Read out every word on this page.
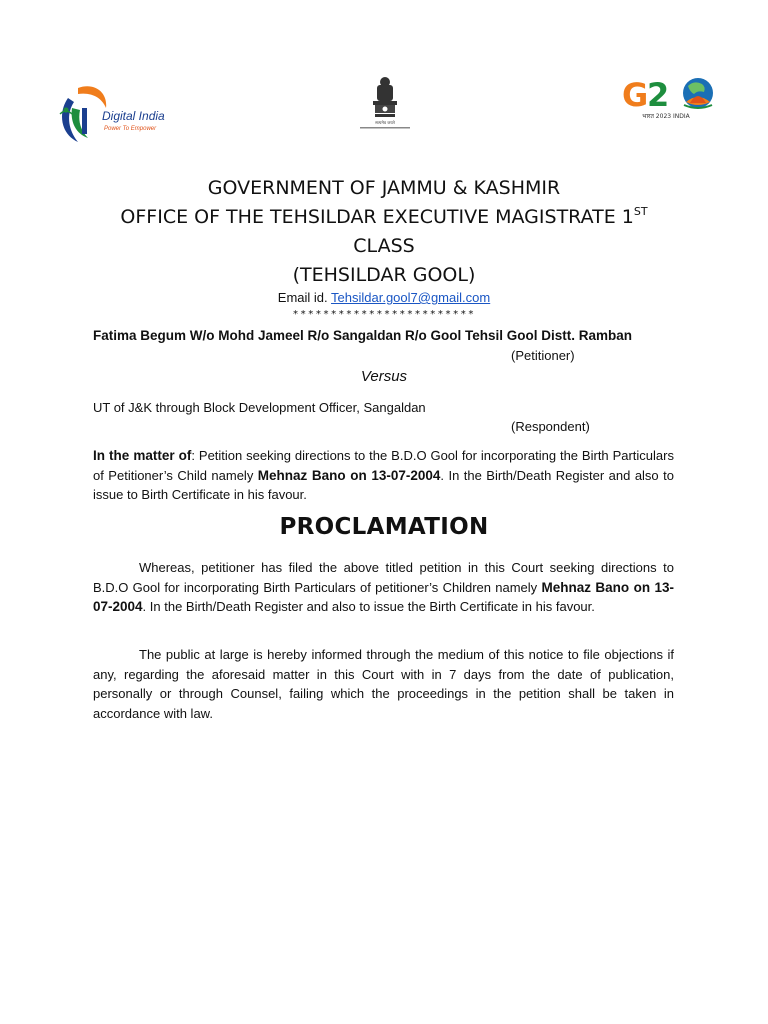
Digital India
Power To Empower
सत्यमेव जयते
G
2
भारत 2023 INDIA
GOVERNMENT OF JAMMU & KASHMIR
OFFICE OF THE TEHSILDAR EXECUTIVE MAGISTRATE 1ST
CLASS
(TEHSILDAR GOOL)
Email id. Tehsildar.gool7@gmail.com
************************
Fatima Begum W/o Mohd Jameel R/o Sangaldan R/o Gool Tehsil Gool Distt. Ramban
(Petitioner)
Versus
UT of J&K through Block Development Officer, Sangaldan
(Respondent)

In the matter of: Petition seeking directions to the B.D.O Gool for incorporating the Birth Particulars of Petitioner’s Child namely Mehnaz Bano on 13-07-2004. In the Birth/Death Register and also to issue to Birth Certificate in his favour.

PROCLAMATION

Whereas, petitioner has filed the above titled petition in this Court seeking directions to B.D.O Gool for incorporating Birth Particulars of petitioner’s Children namely Mehnaz Bano on 13-07-2004. In the Birth/Death Register and also to issue the Birth Certificate in his favour.

The public at large is hereby informed through the medium of this notice to file objections if any, regarding the aforesaid matter in this Court with in 7 days from the date of publication, personally or through Counsel, failing which the proceedings in the petition shall be taken in accordance with law.
